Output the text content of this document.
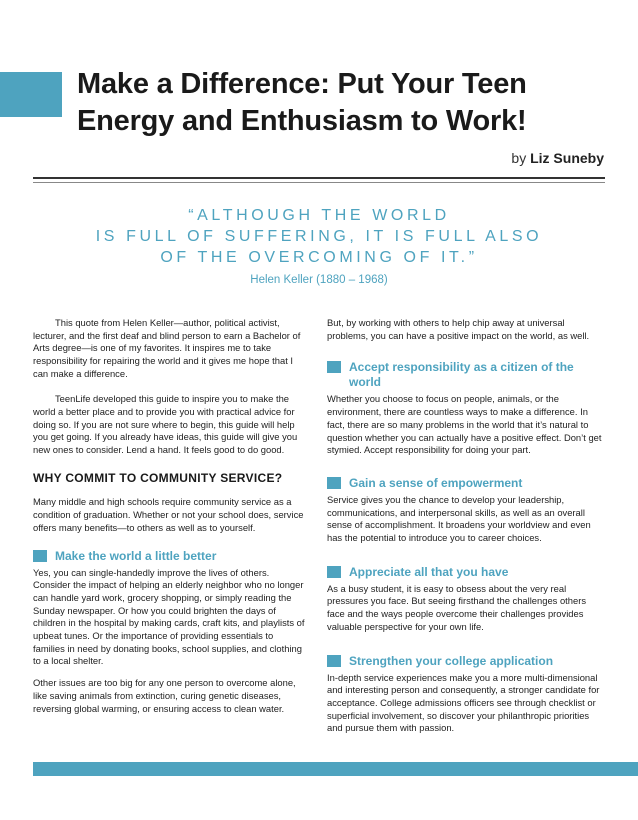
Make a Difference: Put Your Teen
Energy and Enthusiasm to Work!
by Liz Suneby
“ALTHOUGH THE WORLD
IS FULL OF SUFFERING, IT IS FULL ALSO
OF THE OVERCOMING OF IT.”
Helen Keller (1880 – 1968)

This quote from Helen Keller—author, political activist, lecturer, and the first deaf and blind person to earn a Bachelor of Arts degree—is one of my favorites. It inspires me to take responsibility for repairing the world and it gives me hope that I can make a difference.

TeenLife developed this guide to inspire you to make the world a better place and to provide you with practical advice for doing so. If you are not sure where to begin, this guide will help you get going. If you already have ideas, this guide will give you new ones to consider. Lend a hand. It feels good to do good.

WHY COMMIT TO COMMUNITY SERVICE?

Many middle and high schools require community service as a condition of graduation. Whether or not your school does, service offers many benefits—to others as well as to yourself.

Make the world a little better

Yes, you can single-handedly improve the lives of others. Consider the impact of helping an elderly neighbor who no longer can handle yard work, grocery shopping, or simply reading the Sunday newspaper. Or how you could brighten the days of children in the hospital by making cards, craft kits, and playlists of upbeat tunes. Or the importance of providing essentials to families in need by donating books, school supplies, and clothing to a local shelter.

Other issues are too big for any one person to overcome alone, like saving animals from extinction, curing genetic diseases, reversing global warming, or ensuring access to clean water.

But, by working with others to help chip away at universal problems, you can have a positive impact on the world, as well.

Accept responsibility as a citizen of the world

Whether you choose to focus on people, animals, or the environment, there are countless ways to make a difference. In fact, there are so many problems in the world that it’s natural to question whether you can actually have a positive effect. Don’t get stymied. Accept responsibility for doing your part.

Gain a sense of empowerment

Service gives you the chance to develop your leadership, communications, and interpersonal skills, as well as an overall sense of accomplishment. It broadens your worldview and even has the potential to introduce you to career choices.

Appreciate all that you have

As a busy student, it is easy to obsess about the very real pressures you face. But seeing firsthand the challenges others face and the ways people overcome their challenges provides valuable perspective for your own life.

Strengthen your college application

In-depth service experiences make you a more multi-dimensional and interesting person and consequently, a stronger candidate for acceptance. College admissions officers see through checklist or superficial involvement, so discover your philanthropic priorities and pursue them with passion.
